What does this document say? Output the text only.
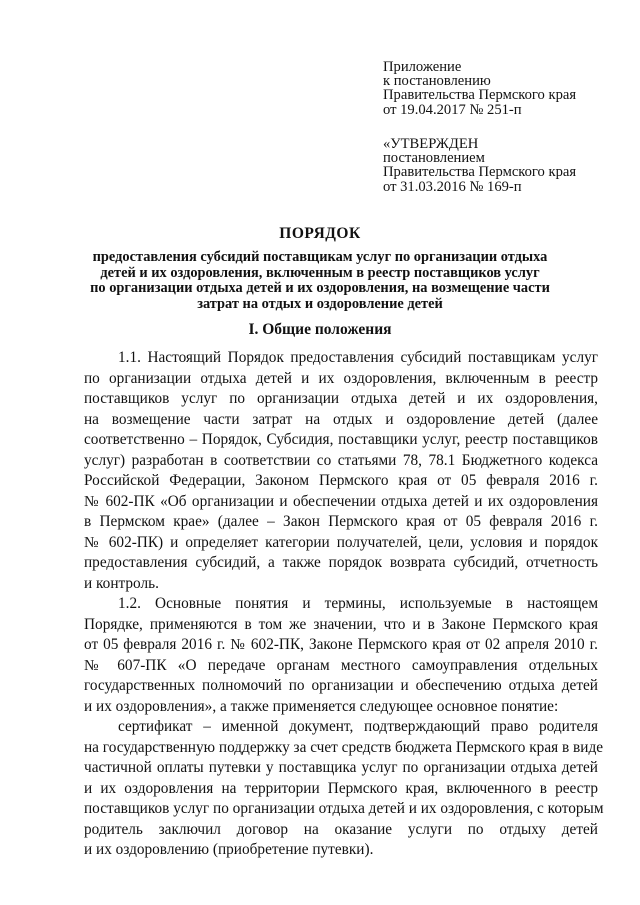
Приложение
к постановлению
Правительства Пермского края
от 19.04.2017 № 251-п
«УТВЕРЖДЕН
постановлением
Правительства Пермского края
от 31.03.2016 № 169-п
ПОРЯДОК
предоставления субсидий поставщикам услуг по организации отдыха
детей и их оздоровления, включенным в реестр поставщиков услуг
по организации отдыха детей и их оздоровления, на возмещение части
затрат на отдых и оздоровление детей
I. Общие положения
1.1. Настоящий Порядок предоставления субсидий поставщикам услуг
по организации отдыха детей и их оздоровления, включенным в реестр
поставщиков услуг по организации отдыха детей и их оздоровления,
на возмещение части затрат на отдых и оздоровление детей (далее
соответственно – Порядок, Субсидия, поставщики услуг, реестр поставщиков
услуг) разработан в соответствии со статьями 78, 78.1 Бюджетного кодекса
Российской Федерации, Законом Пермского края от 05 февраля 2016 г.
№ 602-ПК «Об организации и обеспечении отдыха детей и их оздоровления
в Пермском крае» (далее – Закон Пермского края от 05 февраля 2016 г.
№ 602-ПК) и определяет категории получателей, цели, условия и порядок
предоставления субсидий, а также порядок возврата субсидий, отчетность
и контроль.
1.2. Основные понятия и термины, используемые в настоящем
Порядке, применяются в том же значении, что и в Законе Пермского края
от 05 февраля 2016 г. № 602-ПК, Законе Пермского края от 02 апреля 2010 г.
№ 607-ПК «О передаче органам местного самоуправления отдельных
государственных полномочий по организации и обеспечению отдыха детей
и их оздоровления», а также применяется следующее основное понятие:
сертификат – именной документ, подтверждающий право родителя
на государственную поддержку за счет средств бюджета Пермского края в виде
частичной оплаты путевки у поставщика услуг по организации отдыха детей
и их оздоровления на территории Пермского края, включенного в реестр
поставщиков услуг по организации отдыха детей и их оздоровления, с которым
родитель заключил договор на оказание услуги по отдыху детей
и их оздоровлению (приобретение путевки).
